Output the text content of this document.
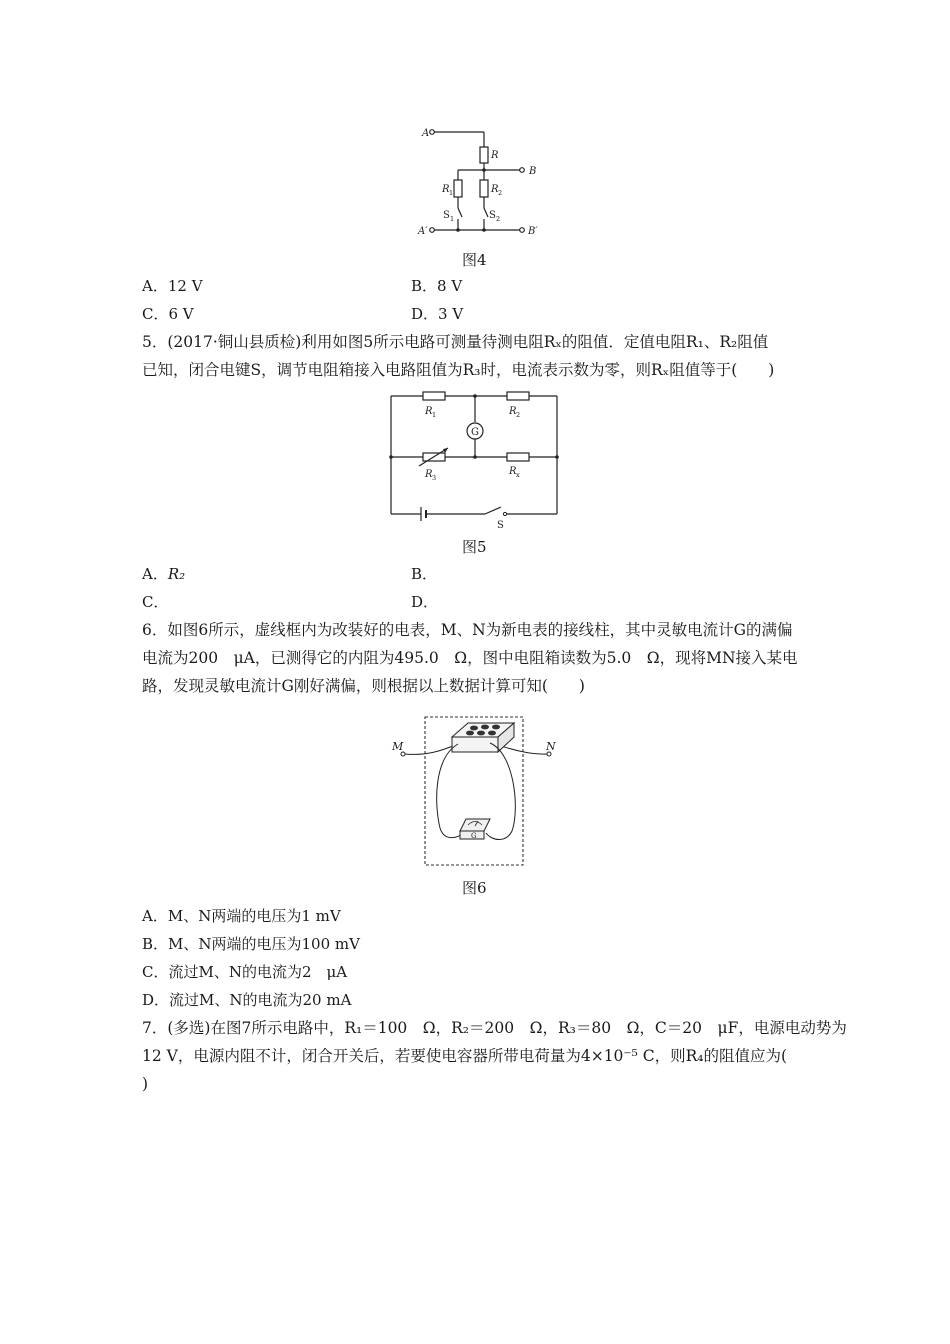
A
B
A′	B′
R
R 1	R 2
S 1	S 2
图4
A．12 V	B．8 V
C．6 V	D．3 V
5．(2017·铜山县质检)利用如图5所示电路可测量待测电阻Rₓ的阻值．定值电阻R₁、R₂阻值
已知，闭合电键S，调节电阻箱接入电路阻值为R₃时，电流表示数为零，则Rₓ阻值等于(　　)
G
R 1	R 2
R 3
R x
S
图5
A．R₂	B．
C．	D．
6．如图6所示，虚线框内为改装好的电表，M、N为新电表的接线柱，其中灵敏电流计G的满偏
电流为200　μA，已测得它的内阻为495.0　Ω，图中电阻箱读数为5.0　Ω，现将MN接入某电
路，发现灵敏电流计G刚好满偏，则根据以上数据计算可知(　　)
G
M	N
图6
A．M、N两端的电压为1 mV
B．M、N两端的电压为100 mV
C．流过M、N的电流为2　μA
D．流过M、N的电流为20 mA
7．(多选)在图7所示电路中，R₁＝100　Ω，R₂＝200　Ω，R₃＝80　Ω，C＝20　μF，电源电动势为
12 V，电源内阻不计，闭合开关后，若要使电容器所带电荷量为4×10⁻⁵ C，则R₄的阻值应为(
)
